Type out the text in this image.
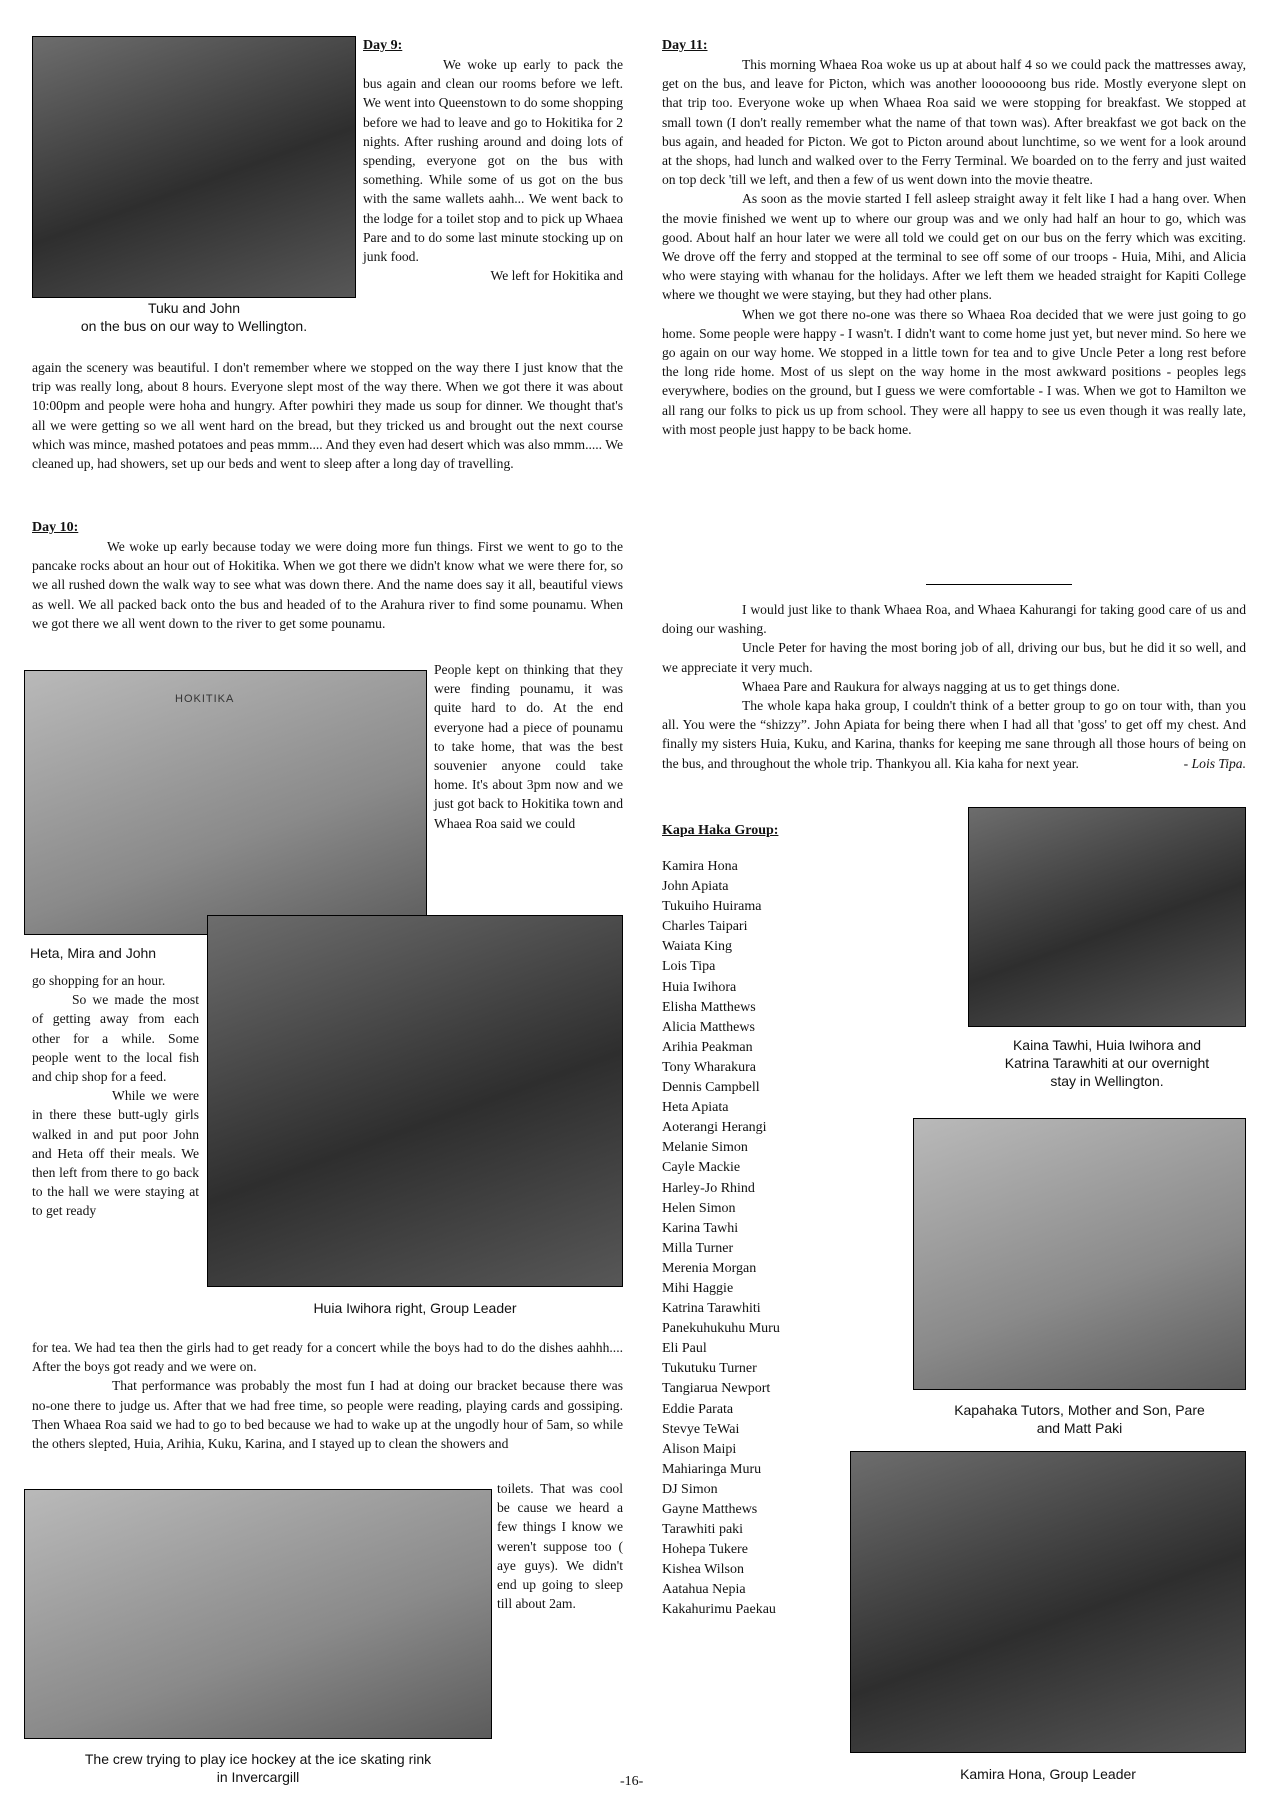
Tuku and John
on the bus on our way to Wellington.
Day 9:

We woke up early to pack the bus again and clean our rooms before we left. We went into Queenstown to do some shopping before we had to leave and go to Hokitika for 2 nights. After rushing around and doing lots of spending, everyone got on the bus with something. While some of us got on the bus with the same wallets aahh... We went back to the lodge for a toilet stop and to pick up Whaea Pare and to do some last minute stocking up on junk food.

We left for Hokitika and

again the scenery was beautiful. I don't remember where we stopped on the way there I just know that the trip was really long, about 8 hours. Everyone slept most of the way there. When we got there it was about 10:00pm and people were hoha and hungry. After powhiri they made us soup for dinner. We thought that's all we were getting so we all went hard on the bread, but they tricked us and brought out the next course which was mince, mashed potatoes and peas mmm.... And they even had desert which was also mmm..... We cleaned up, had showers, set up our beds and went to sleep after a long day of travelling.

Day 10:

We woke up early because today we were doing more fun things. First we went to go to the pancake rocks about an hour out of Hokitika. When we got there we didn't know what we were there for, so we all rushed down the walk way to see what was down there. And the name does say it all, beautiful views as well. We all packed back onto the bus and headed of to the Arahura river to find some pounamu. When we got there we all went down to the river to get some pounamu.

HOKITIKA
Heta, Mira and John

People kept on thinking that they were finding pounamu, it was quite hard to do. At the end everyone had a piece of pounamu to take home, that was the best souvenier anyone could take home. It's about 3pm now and we just got back to Hokitika town and Whaea Roa said we could

Huia Iwihora right, Group Leader

go shopping for an hour.

So we made the most of getting away from each other for a while. Some people went to the local fish and chip shop for a feed.

While we were in there these butt-ugly girls walked in and put poor John and Heta off their meals. We then left from there to go back to the hall we were staying at to get ready

for tea. We had tea then the girls had to get ready for a concert while the boys had to do the dishes aahhh.... After the boys got ready and we were on.

That performance was probably the most fun I had at doing our bracket because there was no-one there to judge us. After that we had free time, so people were reading, playing cards and gossiping. Then Whaea Roa said we had to go to bed because we had to wake up at the ungodly hour of 5am, so while the others slepted, Huia, Arihia, Kuku, Karina, and I stayed up to clean the showers and

The crew trying to play ice hockey at the ice skating rink
in Invercargill

toilets. That was cool be cause we heard a few things I know we weren't suppose too ( aye guys). We didn't end up going to sleep till about 2am.

Day 11:

This morning Whaea Roa woke us up at about half 4 so we could pack the mattresses away, get on the bus, and leave for Picton, which was another looooooong bus ride. Mostly everyone slept on that trip too. Everyone woke up when Whaea Roa said we were stopping for breakfast. We stopped at small town (I don't really remember what the name of that town was). After breakfast we got back on the bus again, and headed for Picton. We got to Picton around about lunchtime, so we went for a look around at the shops, had lunch and walked over to the Ferry Terminal. We boarded on to the ferry and just waited on top deck 'till we left, and then a few of us went down into the movie theatre.

As soon as the movie started I fell asleep straight away it felt like I had a hang over. When the movie finished we went up to where our group was and we only had half an hour to go, which was good. About half an hour later we were all told we could get on our bus on the ferry which was exciting. We drove off the ferry and stopped at the terminal to see off some of our troops - Huia, Mihi, and Alicia who were staying with whanau for the holidays. After we left them we headed straight for Kapiti College where we thought we were staying, but they had other plans.

When we got there no-one was there so Whaea Roa decided that we were just going to go home. Some people were happy - I wasn't. I didn't want to come home just yet, but never mind. So here we go again on our way home. We stopped in a little town for tea and to give Uncle Peter a long rest before the long ride home. Most of us slept on the way home in the most awkward positions - peoples legs everywhere, bodies on the ground, but I guess we were comfortable - I was. When we got to Hamilton we all rang our folks to pick us up from school. They were all happy to see us even though it was really late, with most people just happy to be back home.

I would just like to thank Whaea Roa, and Whaea Kahurangi for taking good care of us and doing our washing.

Uncle Peter for having the most boring job of all, driving our bus, but he did it so well, and we appreciate it very much.

Whaea Pare and Raukura for always nagging at us to get things done.

The whole kapa haka group, I couldn't think of a better group to go on tour with, than you all. You were the “shizzy”. John Apiata for being there when I had all that 'goss' to get off my chest. And finally my sisters Huia, Kuku, and Karina, thanks for keeping me sane through all those hours of being on the bus, and throughout the whole trip. Thankyou all. Kia kaha for next year.	- Lois Tipa.
Kapa Haka Group:
Kamira Hona
John Apiata
Tukuiho Huirama
Charles Taipari
Waiata King
Lois Tipa
Huia Iwihora
Elisha Matthews
Alicia Matthews
Arihia Peakman
Tony Wharakura
Dennis Campbell
Heta Apiata
Aoterangi Herangi
Melanie Simon
Cayle Mackie
Harley-Jo Rhind
Helen Simon
Karina Tawhi
Milla Turner
Merenia Morgan
Mihi Haggie
Katrina Tarawhiti
Panekuhukuhu Muru
Eli Paul
Tukutuku Turner
Tangiarua Newport
Eddie Parata
Stevye TeWai
Alison Maipi
Mahiaringa Muru
DJ Simon
Gayne Matthews
Tarawhiti paki
Hohepa Tukere
Kishea Wilson
Aatahua Nepia
Kakahurimu Paekau
Kaina Tawhi, Huia Iwihora and
Katrina Tarawhiti at our overnight
stay in Wellington.
Kapahaka Tutors, Mother and Son, Pare
and Matt Paki
Kamira Hona, Group Leader
-16-
